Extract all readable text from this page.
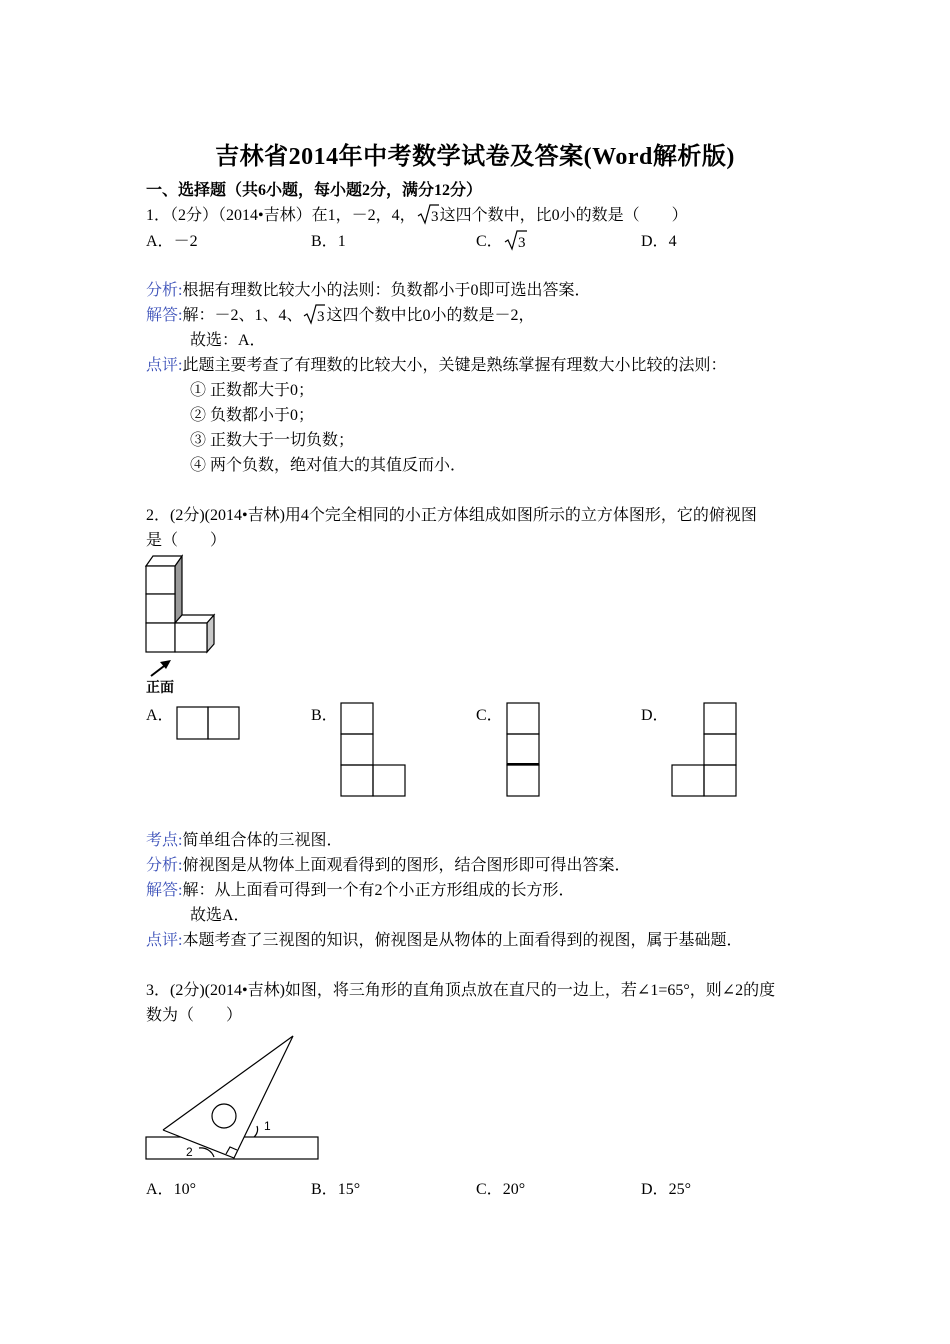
吉林省2014年中考数学试卷及答案(Word解析版)
一、选择题（共6小题，每小题2分，满分12分）
1．（2分）（2014•吉林）在1，－2，4， 3 这四个数中，比0小的数是（　　）
A．－2	B．1	C． 3	D．4
分析:根据有理数比较大小的法则：负数都小于0即可选出答案．
解答:解：－2、1、4、 3 这四个数中比0小的数是－2，
故选：A．
点评:此题主要考查了有理数的比较大小，关键是熟练掌握有理数大小比较的法则：
① 正数都大于0；
② 负数都小于0；
③ 正数大于一切负数；
④ 两个负数，绝对值大的其值反而小．
2．(2分)(2014•吉林)用4个完全相同的小正方体组成如图所示的立方体图形，它的俯视图
是（　　）
正面
A．	B．	C．	D．
考点:简单组合体的三视图．
分析:俯视图是从物体上面观看得到的图形，结合图形即可得出答案．
解答:解：从上面看可得到一个有2个小正方形组成的长方形．
故选A．
点评:本题考查了三视图的知识，俯视图是从物体的上面看得到的视图，属于基础题．
3．(2分)(2014•吉林)如图，将三角形的直角顶点放在直尺的一边上，若∠1=65°，则∠2的度
数为（　　）
1
2
A．10°	B．15°	C．20°	D．25°
